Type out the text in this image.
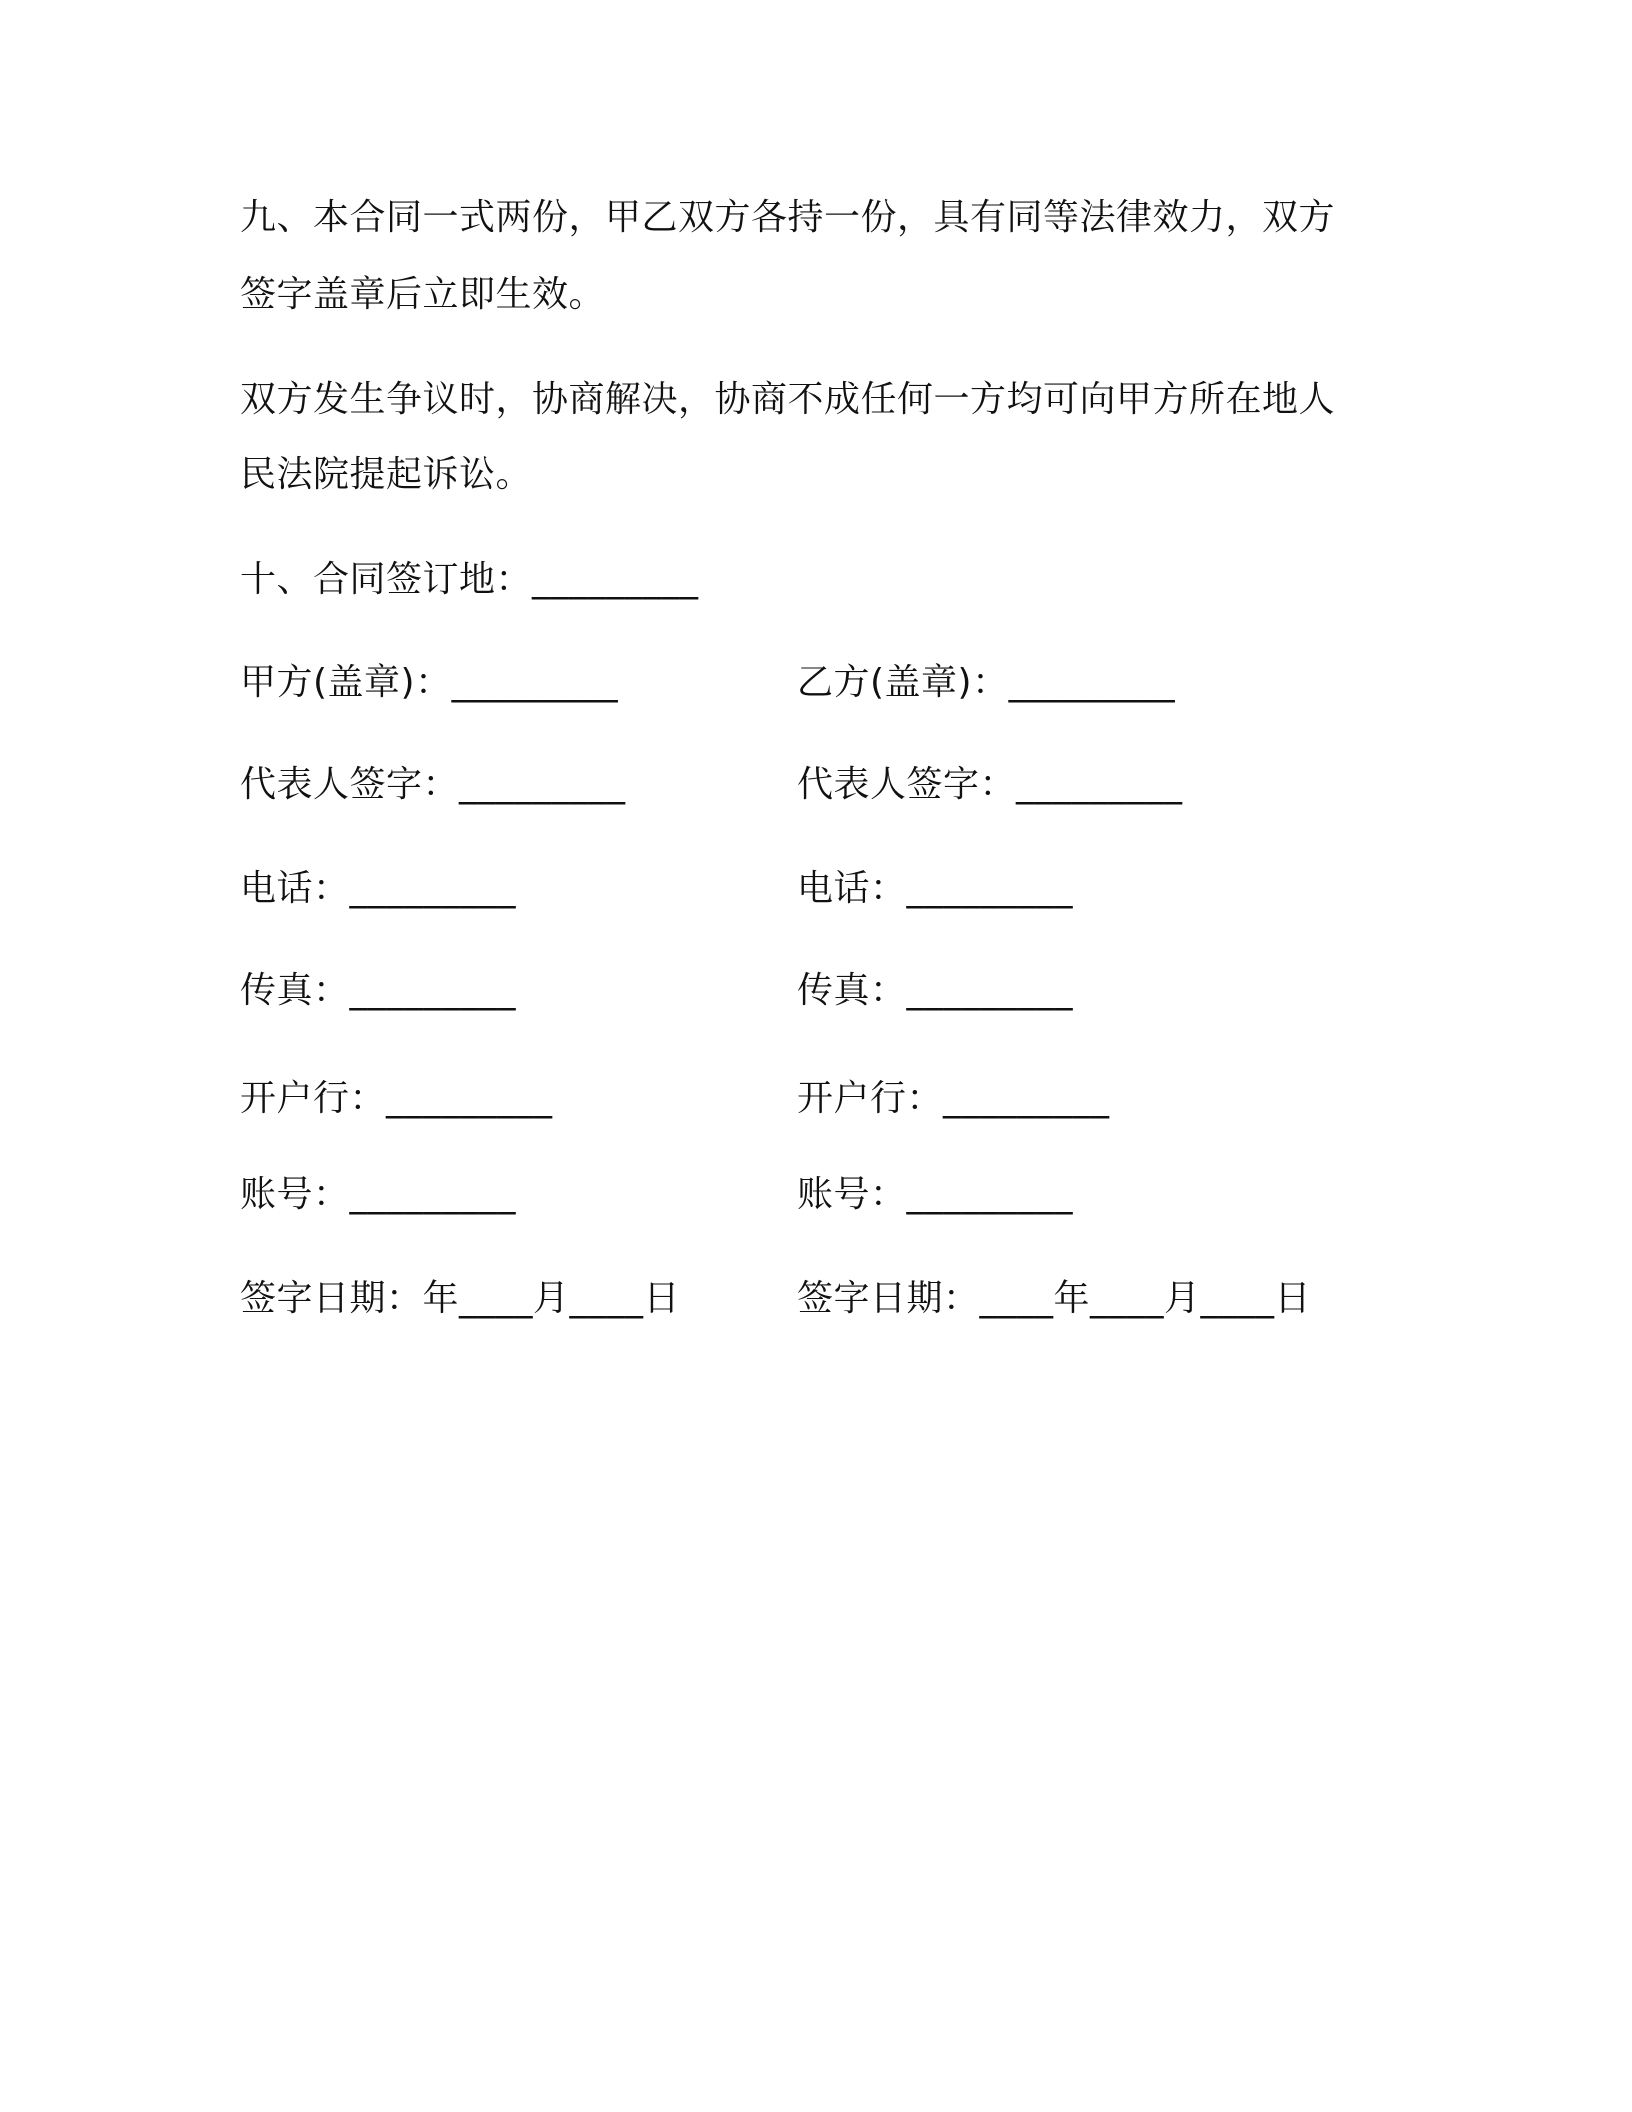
九、本合同一式两份，甲乙双方各持一份，具有同等法律效力，双方
签字盖章后立即生效。
双方发生争议时，协商解决，协商不成任何一方均可向甲方所在地人
民法院提起诉讼。
十、合同签订地：_________
甲方(盖章)：_________	乙方(盖章)：_________
代表人签字：_________	代表人签字：_________
电话：_________	电话：_________
传真：_________	传真：_________
开户行：_________	开户行：_________
账号：_________	账号：_________
签字日期：年____月____日	签字日期：____年____月____日
